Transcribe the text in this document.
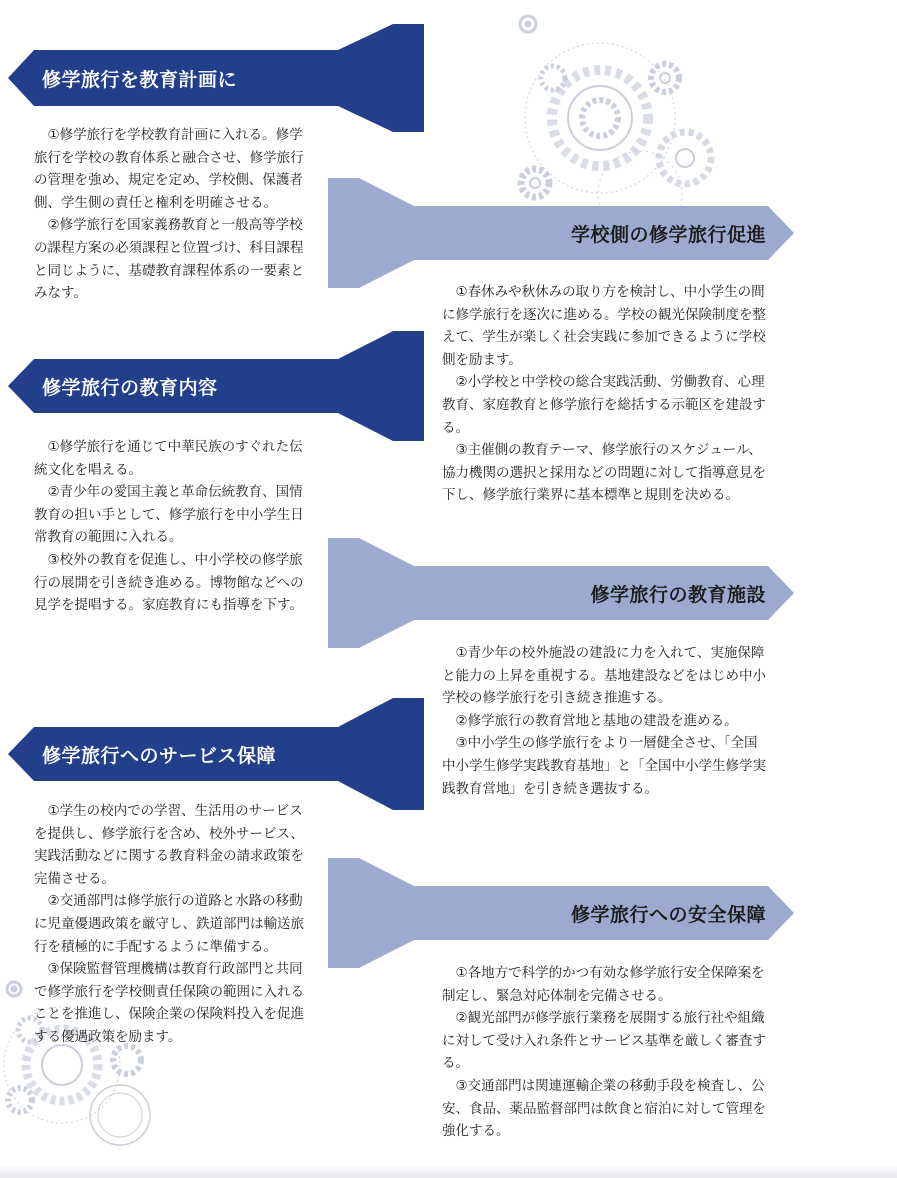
修学旅行を教育計画に

①修学旅行を学校教育計画に入れる。修学旅行を学校の教育体系と融合させ、修学旅行の管理を強め、規定を定め、学校側、保護者側、学生側の責任と権利を明確させる。

②修学旅行を国家義務教育と一般高等学校の課程方案の必須課程と位置づけ、科目課程と同じように、基礎教育課程体系の一要素とみなす。

学校側の修学旅行促進

①春休みや秋休みの取り方を検討し、中小学生の間に修学旅行を逐次に進める。学校の観光保険制度を整えて、学生が楽しく社会実践に参加できるように学校側を励ます。

②小学校と中学校の総合実践活動、労働教育、心理教育、家庭教育と修学旅行を総括する示範区を建設する。

③主催側の教育テーマ、修学旅行のスケジュール、協力機関の選択と採用などの問題に対して指導意見を下し、修学旅行業界に基本標準と規則を決める。

修学旅行の教育内容

①修学旅行を通じて中華民族のすぐれた伝統文化を唱える。

②青少年の愛国主義と革命伝統教育、国情教育の担い手として、修学旅行を中小学生日常教育の範囲に入れる。

③校外の教育を促進し、中小学校の修学旅行の展開を引き続き進める。博物館などへの見学を提唱する。家庭教育にも指導を下す。	修学旅行の教育施設

①青少年の校外施設の建設に力を入れて、実施保障と能力の上昇を重視する。基地建設などをはじめ中小学校の修学旅行を引き続き推進する。

②修学旅行の教育営地と基地の建設を進める。

③中小学生の修学旅行をより一層健全させ、「全国中小学生修学実践教育基地」と「全国中小学生修学実践教育営地」を引き続き選抜する。

修学旅行へのサービス保障

①学生の校内での学習、生活用のサービスを提供し、修学旅行を含め、校外サービス、実践活動などに関する教育料金の請求政策を完備させる。

②交通部門は修学旅行の道路と水路の移動に児童優遇政策を厳守し、鉄道部門は輸送旅行を積極的に手配するように準備する。

③保険監督管理機構は教育行政部門と共同で修学旅行を学校側責任保険の範囲に入れることを推進し、保険企業の保険料投入を促進する優遇政策を励ます。

修学旅行への安全保障

①各地方で科学的かつ有効な修学旅行安全保障案を制定し、緊急対応体制を完備させる。

②観光部門が修学旅行業務を展開する旅行社や組織に対して受け入れ条件とサービス基準を厳しく審査する。

③交通部門は関連運輸企業の移動手段を検査し、公安、食品、薬品監督部門は飲食と宿泊に対して管理を強化する。
